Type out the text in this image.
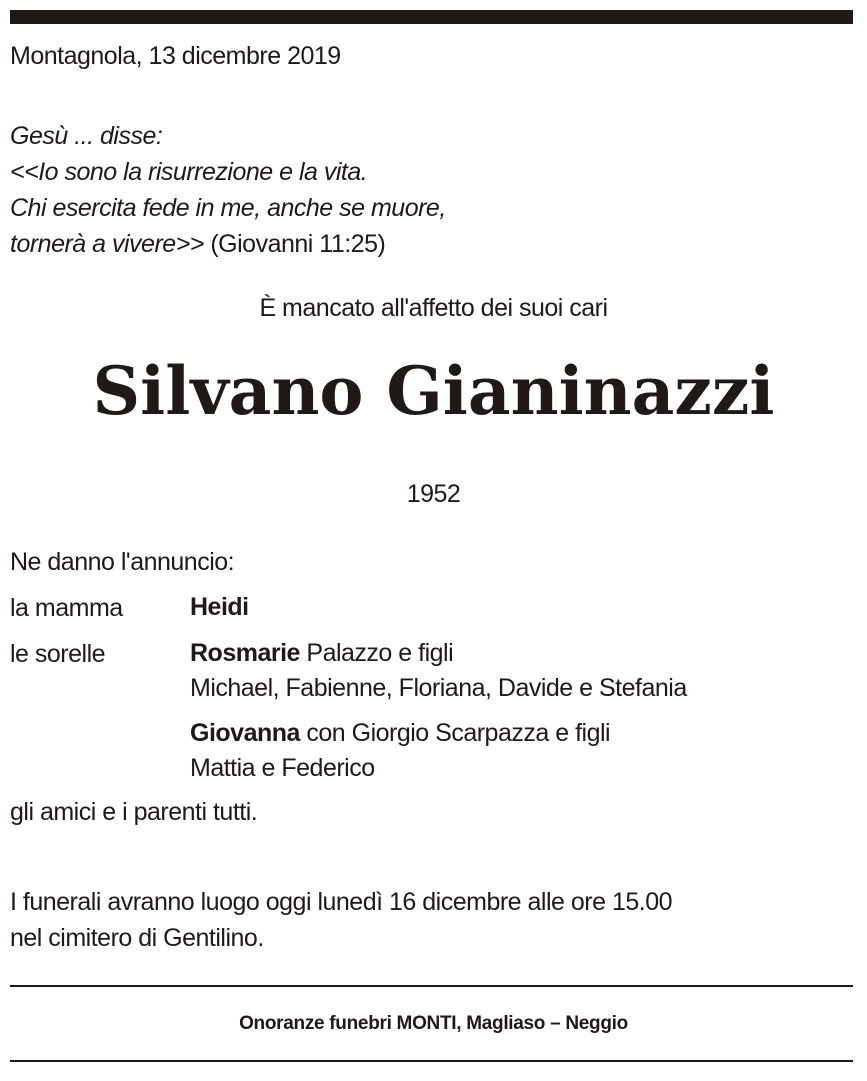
Montagnola, 13 dicembre 2019
Gesù ... disse:
<<Io sono la risurrezione e la vita.
Chi esercita fede in me, anche se muore,
tornerà a vivere>> (Giovanni 11:25)
È mancato all'affetto dei suoi cari
Silvano Gianinazzi
1952
Ne danno l'annuncio:
la mamma	Heidi
le sorelle	Rosmarie Palazzo e figli
Michael, Fabienne, Floriana, Davide e Stefania
Giovanna con Giorgio Scarpazza e figli
Mattia e Federico
gli amici e i parenti tutti.
I funerali avranno luogo oggi lunedì 16 dicembre alle ore 15.00
nel cimitero di Gentilino.
Onoranze funebri MONTI, Magliaso – Neggio
